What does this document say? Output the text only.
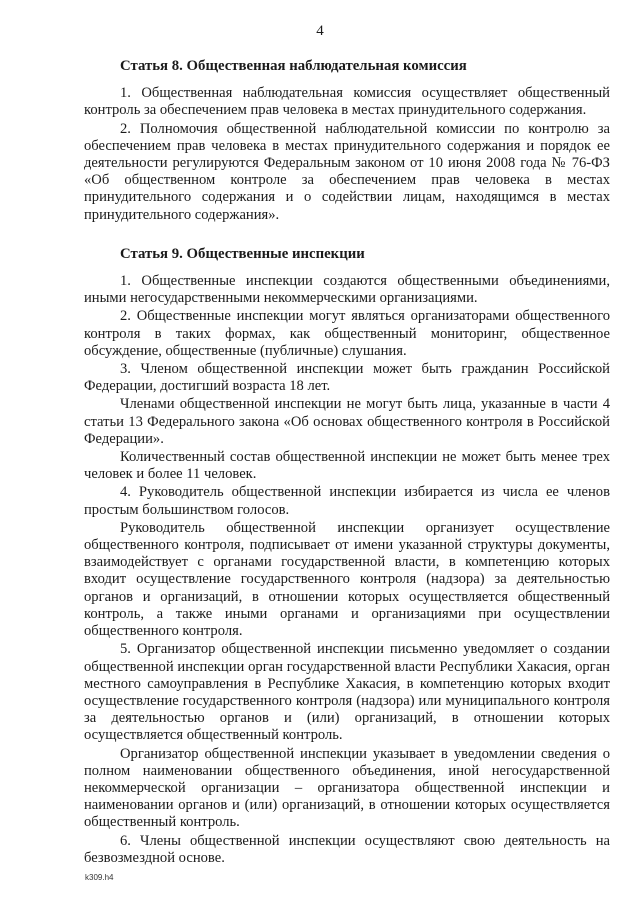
4
Статья 8. Общественная наблюдательная комиссия

1. Общественная наблюдательная комиссия осуществляет общественный контроль за обеспечением прав человека в местах принудительного содержания.

2. Полномочия общественной наблюдательной комиссии по контролю за обеспечением прав человека в местах принудительного содержания и порядок ее деятельности регулируются Федеральным законом от 10 июня 2008 года № 76-ФЗ «Об общественном контроле за обеспечением прав человека в местах принудительного содержания и о содействии лицам, находящимся в местах принудительного содержания».

Статья 9. Общественные инспекции

1. Общественные инспекции создаются общественными объединениями, иными негосударственными некоммерческими организациями.

2. Общественные инспекции могут являться организаторами общественного контроля в таких формах, как общественный мониторинг, общественное обсуждение, общественные (публичные) слушания.

3. Членом общественной инспекции может быть гражданин Российской Федерации, достигший возраста 18 лет.

Членами общественной инспекции не могут быть лица, указанные в части 4 статьи 13 Федерального закона «Об основах общественного контроля в Российской Федерации».

Количественный состав общественной инспекции не может быть менее трех человек и более 11 человек.

4. Руководитель общественной инспекции избирается из числа ее членов простым большинством голосов.

Руководитель общественной инспекции организует осуществление общественного контроля, подписывает от имени указанной структуры документы, взаимодействует с органами государственной власти, в компетенцию которых входит осуществление государственного контроля (надзора) за деятельностью органов и организаций, в отношении которых осуществляется общественный контроль, а также иными органами и организациями при осуществлении общественного контроля.

5. Организатор общественной инспекции письменно уведомляет о создании общественной инспекции орган государственной власти Республики Хакасия, орган местного самоуправления в Республике Хакасия, в компетенцию которых входит осуществление государственного контроля (надзора) или муниципального контроля за деятельностью органов и (или) организаций, в отношении которых осуществляется общественный контроль.

Организатор общественной инспекции указывает в уведомлении сведения о полном наименовании общественного объединения, иной негосударственной некоммерческой организации – организатора общественной инспекции и наименовании органов и (или) организаций, в отношении которых осуществляется общественный контроль.

6. Члены общественной инспекции осуществляют свою деятельность на безвозмездной основе.

k309.h4
